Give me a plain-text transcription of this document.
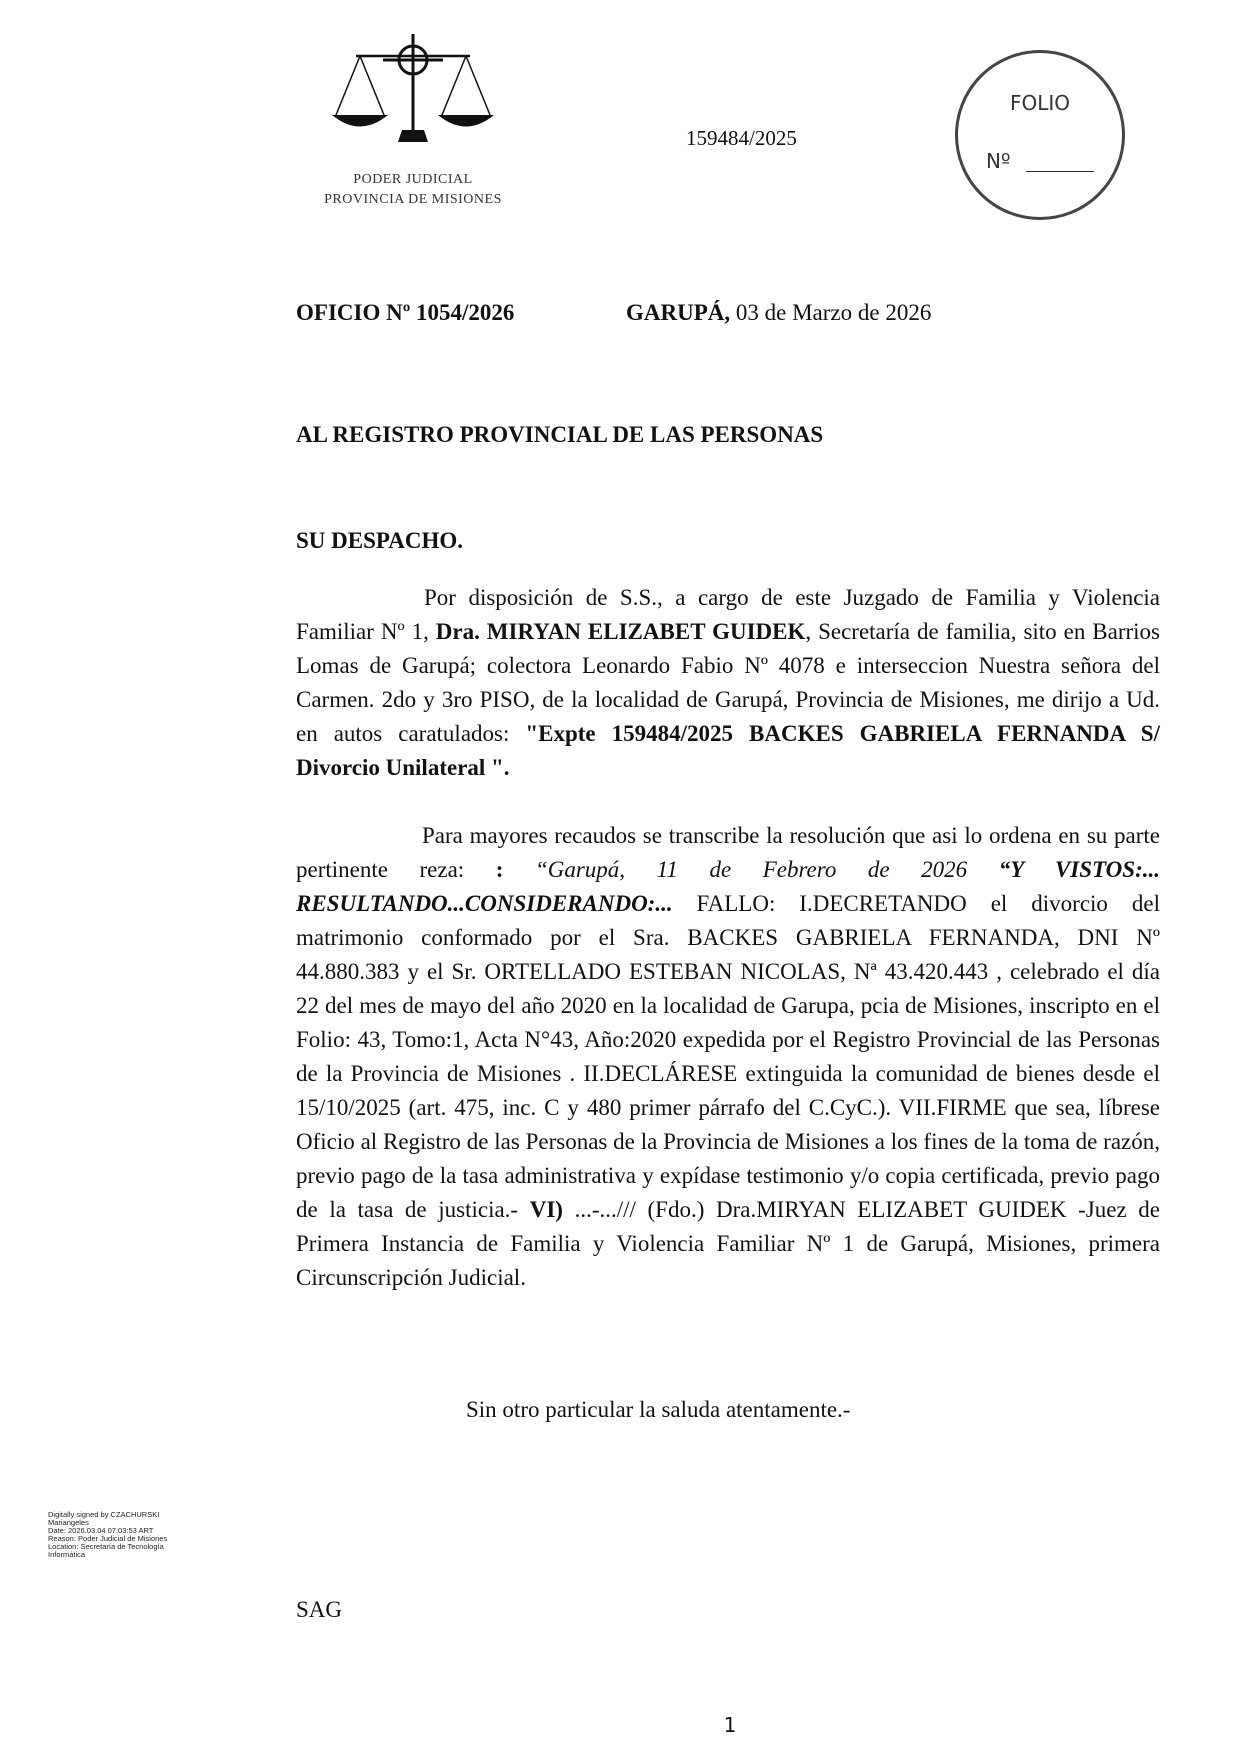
PODER JUDICIAL
PROVINCIA DE MISIONES
159484/2025
FOLIO
Nº
OFICIO Nº 1054/2026	GARUPÁ, 03 de Marzo de 2026
AL REGISTRO PROVINCIAL DE LAS PERSONAS
SU DESPACHO.
Por disposición de S.S., a cargo de este Juzgado de Familia y Violencia Familiar Nº 1, Dra. MIRYAN ELIZABET GUIDEK, Secretaría de familia, sito en Barrios Lomas de Garupá; colectora Leonardo Fabio Nº 4078 e interseccion Nuestra señora del Carmen. 2do y 3ro PISO, de la localidad de Garupá, Provincia de Misiones, me dirijo a Ud. en autos caratulados: "Expte 159484/2025 BACKES GABRIELA FERNANDA S/ Divorcio Unilateral ".
Para mayores recaudos se transcribe la resolución que asi lo ordena en su parte pertinente reza: : “Garupá, 11 de Febrero de 2026 “Y VISTOS:... RESULTANDO...CONSIDERANDO:... FALLO: I.DECRETANDO el divorcio del matrimonio conformado por el Sra. BACKES GABRIELA FERNANDA, DNI Nº 44.880.383 y el Sr. ORTELLADO ESTEBAN NICOLAS, Nª 43.420.443 , celebrado el día 22 del mes de mayo del año 2020 en la localidad de Garupa, pcia de Misiones, inscripto en el Folio: 43, Tomo:1, Acta N°43, Año:2020 expedida por el Registro Provincial de las Personas de la Provincia de Misiones . II.DECLÁRESE extinguida la comunidad de bienes desde el 15/10/2025 (art. 475, inc. C y 480 primer párrafo del C.CyC.). VII.FIRME que sea, líbrese Oficio al Registro de las Personas de la Provincia de Misiones a los fines de la toma de razón, previo pago de la tasa administrativa y expídase testimonio y/o copia certificada, previo pago de la tasa de justicia.- VI) ...-.../// (Fdo.) Dra.MIRYAN ELIZABET GUIDEK -Juez de Primera Instancia de Familia y Violencia Familiar Nº 1 de Garupá, Misiones, primera Circunscripción Judicial.
Sin otro particular la saluda atentamente.-
Digitally signed by CZACHURSKI
Mariangeles
Date: 2026.03.04 07:03:53 ART
Reason: Poder Judicial de Misiones
Location: Secretaría de Tecnología
Informática
SAG
1
